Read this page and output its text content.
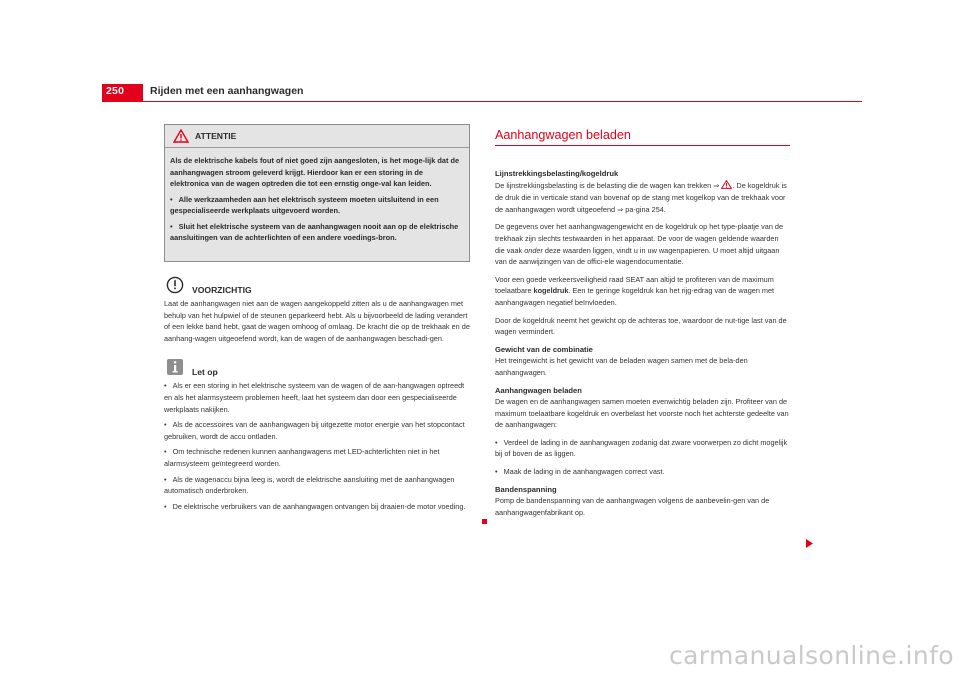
250 Rijden met een aanhangwagen
ATTENTIE

Als de elektrische kabels fout of niet goed zijn aangesloten, is het moge-lijk dat de aanhangwagen stroom geleverd krijgt. Hierdoor kan er een storing in de elektronica van de wagen optreden die tot een ernstig onge-val kan leiden.

• Alle werkzaamheden aan het elektrisch systeem moeten uitsluitend in een gespecialiseerde werkplaats uitgevoerd worden.

• Sluit het elektrische systeem van de aanhangwagen nooit aan op de elektrische aansluitingen van de achterlichten of een andere voedings-bron.

VOORZICHTIG

Laat de aanhangwagen niet aan de wagen aangekoppeld zitten als u de aanhangwagen met behulp van het hulpwiel of de steunen geparkeerd hebt. Als u bijvoorbeeld de lading verandert of een lekke band hebt, gaat de wagen omhoog of omlaag. De kracht die op de trekhaak en de aanhang-wagen uitgeoefend wordt, kan de wagen of de aanhangwagen beschadi-gen.

Let op

• Als er een storing in het elektrische systeem van de wagen of de aan-hangwagen optreedt en als het alarmsysteem problemen heeft, laat het systeem dan door een gespecialiseerde werkplaats nakijken.

• Als de accessoires van de aanhangwagen bij uitgezette motor energie van het stopcontact gebruiken, wordt de accu ontladen.

• Om technische redenen kunnen aanhangwagens met LED-achterlichten niet in het alarmsysteem geïntegreerd worden.

• Als de wagenaccu bijna leeg is, wordt de elektrische aansluiting met de aanhangwagen automatisch onderbroken.

• De elektrische verbruikers van de aanhangwagen ontvangen bij draaien-de motor voeding.

Aanhangwagen beladen

Lijnstrekkingsbelasting/kogeldruk

De lijnstrekkingsbelasting is de belasting die de wagen kan trekken ⇒ . De kogeldruk is de druk die in verticale stand van bovenaf op de stang met kogelkop van de trekhaak voor de aanhangwagen wordt uitgeoefend ⇒ pa-gina 254.

De gegevens over het aanhangwagengewicht en de kogeldruk op het type-plaatje van de trekhaak zijn slechts testwaarden in het apparaat. De voor de wagen geldende waarden die vaak onder deze waarden liggen, vindt u in uw wagenpapieren. U moet altijd uitgaan van de aanwijzingen van de offici-ele wagendocumentatie.

Voor een goede verkeersveiligheid raad SEAT aan altijd te profiteren van de maximum toelaatbare kogeldruk. Een te geringe kogeldruk kan het rijg-edrag van de wagen met aanhangwagen negatief beïnvloeden.

Door de kogeldruk neemt het gewicht op de achteras toe, waardoor de nut-tige last van de wagen vermindert.

Gewicht van de combinatie

Het treingewicht is het gewicht van de beladen wagen samen met de bela-den aanhangwagen.

Aanhangwagen beladen

De wagen en de aanhangwagen samen moeten evenwichtig beladen zijn. Profiteer van de maximum toelaatbare kogeldruk en overbelast het voorste noch het achterste gedeelte van de aanhangwagen:

• Verdeel de lading in de aanhangwagen zodanig dat zware voorwerpen zo dicht mogelijk bij of boven de as liggen.

• Maak de lading in de aanhangwagen correct vast.

Bandenspanning

Pomp de bandenspanning van de aanhangwagen volgens de aanbevelin-gen van de aanhangwagenfabrikant op.

carmanualsonline.info
